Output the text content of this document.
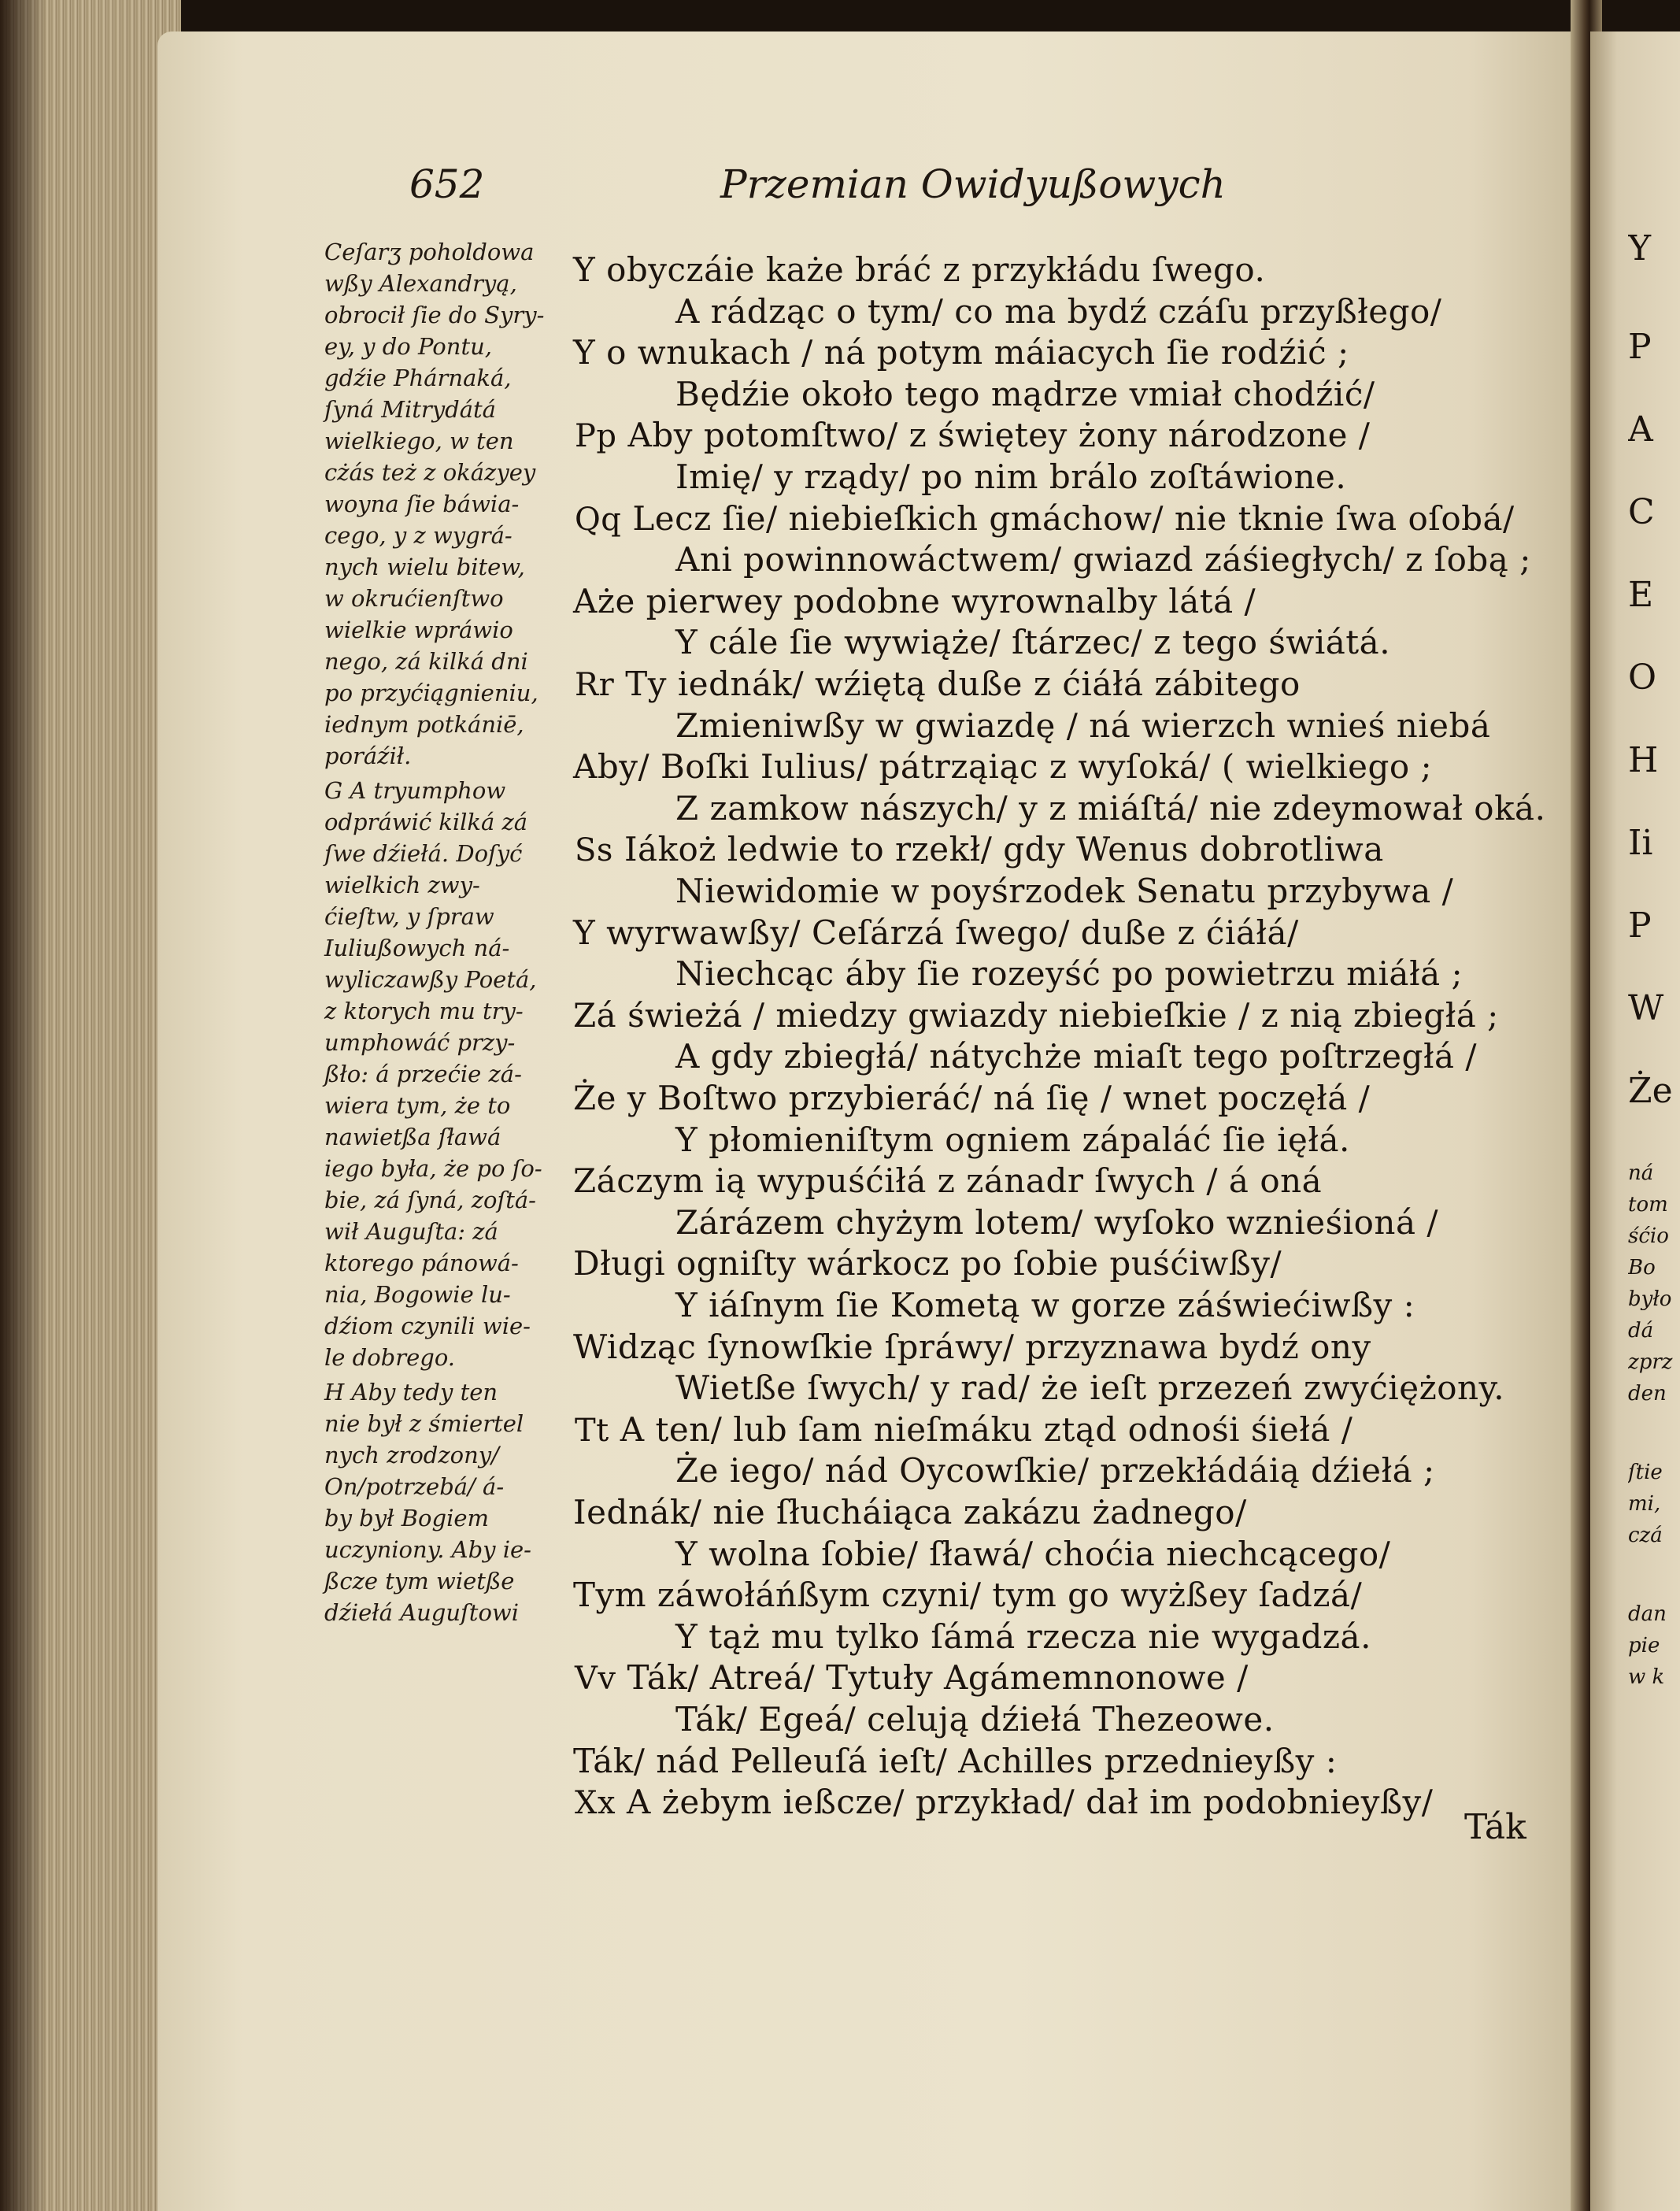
652	Przemian Owidyußowych
Ceſarʒ poholdowa
wßy Alexandryą,
obrocił ſie do Syry-
ey, y do Pontu,
gdźie Phárnaká,
ſyná Mitrydátá
wielkiego, w ten
cżás też z okázyey
woyna ſie báwia-
cego, y z wygrá-
nych wielu bitew,
w okrućienſtwo
wielkie wpráwio
nego, zá kilká dni
po przyćiągnieniu,
iednym potkániē,
poráźił.
G A tryumphow
odpráwić kilká zá
ſwe dźiełá. Doſyć
wielkich zwy-
ćieſtw, y ſpraw
Iuliußowych ná-
wyliczawßy Poetá,
z ktorych mu try-
umphowáć przy-
ßło: á przećie zá-
wiera tym, że to
nawietßa ſławá
iego była, że po ſo-
bie, zá ſyná, zoſtá-
wił Auguſta: zá
ktorego pánowá-
nia, Bogowie lu-
dźiom czynili wie-
le dobrego.
H Aby tedy ten
nie był z śmiertel
nych zrodzony/
On/potrzebá/ á-
by był Bogiem
uczyniony. Aby ie-
ßcze tym wietße
dźiełá Auguſtowi
Y obyczáie każe bráć z przykłádu ſwego.
A rádząc o tym/ co ma bydź czáſu przyßłego/
Y o wnukach / ná potym máiacych ſie rodźić ;
Będźie około tego mądrze vmiał chodźić/
Pp Aby potomſtwo/ z świętey żony národzone /
Imię/ y rządy/ po nim brálo zoſtáwione.
Qq Lecz ſie/ niebieſkich gmáchow/ nie tknie ſwa oſobá/
Ani powinnowáctwem/ gwiazd záśiegłych/ z ſobą ;
Aże pierwey podobne wyrownalby látá /
Y cále ſie wywiąże/ ſtárzec/ z tego świátá.
Rr Ty iednák/ wźiętą duße z ćiáłá zábitego
Zmieniwßy w gwiazdę / ná wierzch wnieś niebá
Aby/ Boſki Iulius/ pátrząiąc z wyſoká/ ( wielkiego ;
Z zamkow nászych/ y z miáſtá/ nie zdeymował oká.
Ss Iákoż ledwie to rzekł/ gdy Wenus dobrotliwa
Niewidomie w poyśrzodek Senatu przybywa /
Y wyrwawßy/ Ceſárzá ſwego/ duße z ćiáłá/
Niechcąc áby ſie rozeyść po powietrzu miáłá ;
Zá świeżá / miedzy gwiazdy niebieſkie / z nią zbiegłá ;
A gdy zbiegłá/ nátychże miaſt tego poſtrzegłá /
Że y Boſtwo przybieráć/ ná ſię / wnet poczęłá /
Y płomieniſtym ogniem zápaláć ſie ięłá.
Záczym ią wypuśćiłá z zánadr ſwych / á oná
Zárázem chyżym lotem/ wyſoko wznieśioná /
Długi ogniſty wárkocz po ſobie puśćiwßy/
Y iáſnym ſie Kometą w gorze záświećiwßy :
Widząc ſynowſkie ſpráwy/ przyznawa bydź ony
Wietße ſwych/ y rad/ że ieſt przezeń zwyćiężony.
Tt A ten/ lub ſam nieſmáku ztąd odnośi śiełá /
Że iego/ nád Oycowſkie/ przekłádáią dźiełá ;
Iednák/ nie ſłucháiąca zakázu żadnego/
Y wolna ſobie/ ſławá/ choćia niechcącego/
Tym záwołáńßym czyni/ tym go wyżßey ſadzá/
Y tąż mu tylko ſámá rzecza nie wygadzá.
Vv Ták/ Atreá/ Tytuły Agámemnonowe /
Ták/ Egeá/ celują dźiełá Thezeowe.
Ták/ nád Pelleuſá ieſt/ Achilles przednieyßy :
Xx A żebym ießcze/ przykład/ dał im podobnieyßy/
Ták
Y
P
A
C
E
O
H
Ii
P
W
Że
ná
tom
śćio
Bo
było
dá
zprz
den
ſtie
mi,
czá
dan
pie
w k
